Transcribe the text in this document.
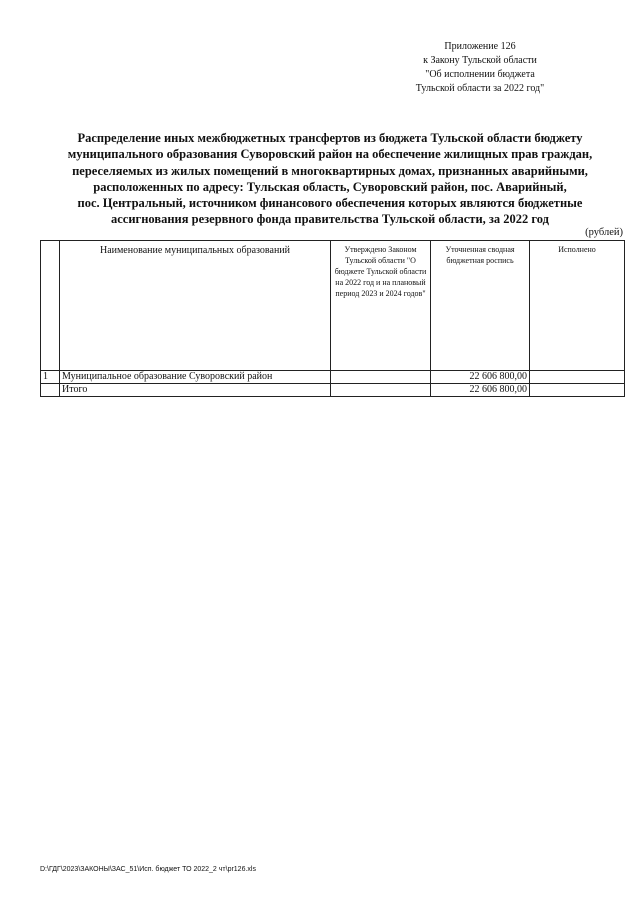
Приложение 126
к Закону Тульской области
"Об исполнении бюджета
Тульской области за 2022 год"
Распределение иных межбюджетных трансфертов из бюджета Тульской области бюджету
муниципального образования Суворовский район на обеспечение жилищных прав граждан,
переселяемых из жилых помещений в многоквартирных домах, признанных аварийными,
расположенных по адресу: Тульская область, Суворовский район, пос. Аварийный,
пос. Центральный, источником финансового обеспечения которых являются бюджетные
ассигнования резервного фонда правительства Тульской области, за 2022 год
(рублей)
	Наименование муниципальных образований	Утверждено Законом Тульской области "О бюджете Тульской области на 2022 год и на плановый период 2023 и 2024 годов"	Уточненная сводная бюджетная роспись	Исполнено
1	Муниципальное образование Суворовский район		22 606 800,00	
	Итого		22 606 800,00	
D:\ГДГ\2023\ЗАКОНЫ\ЗАС_51\Исп. бюджет ТО 2022_2 чт\pr126.xls
